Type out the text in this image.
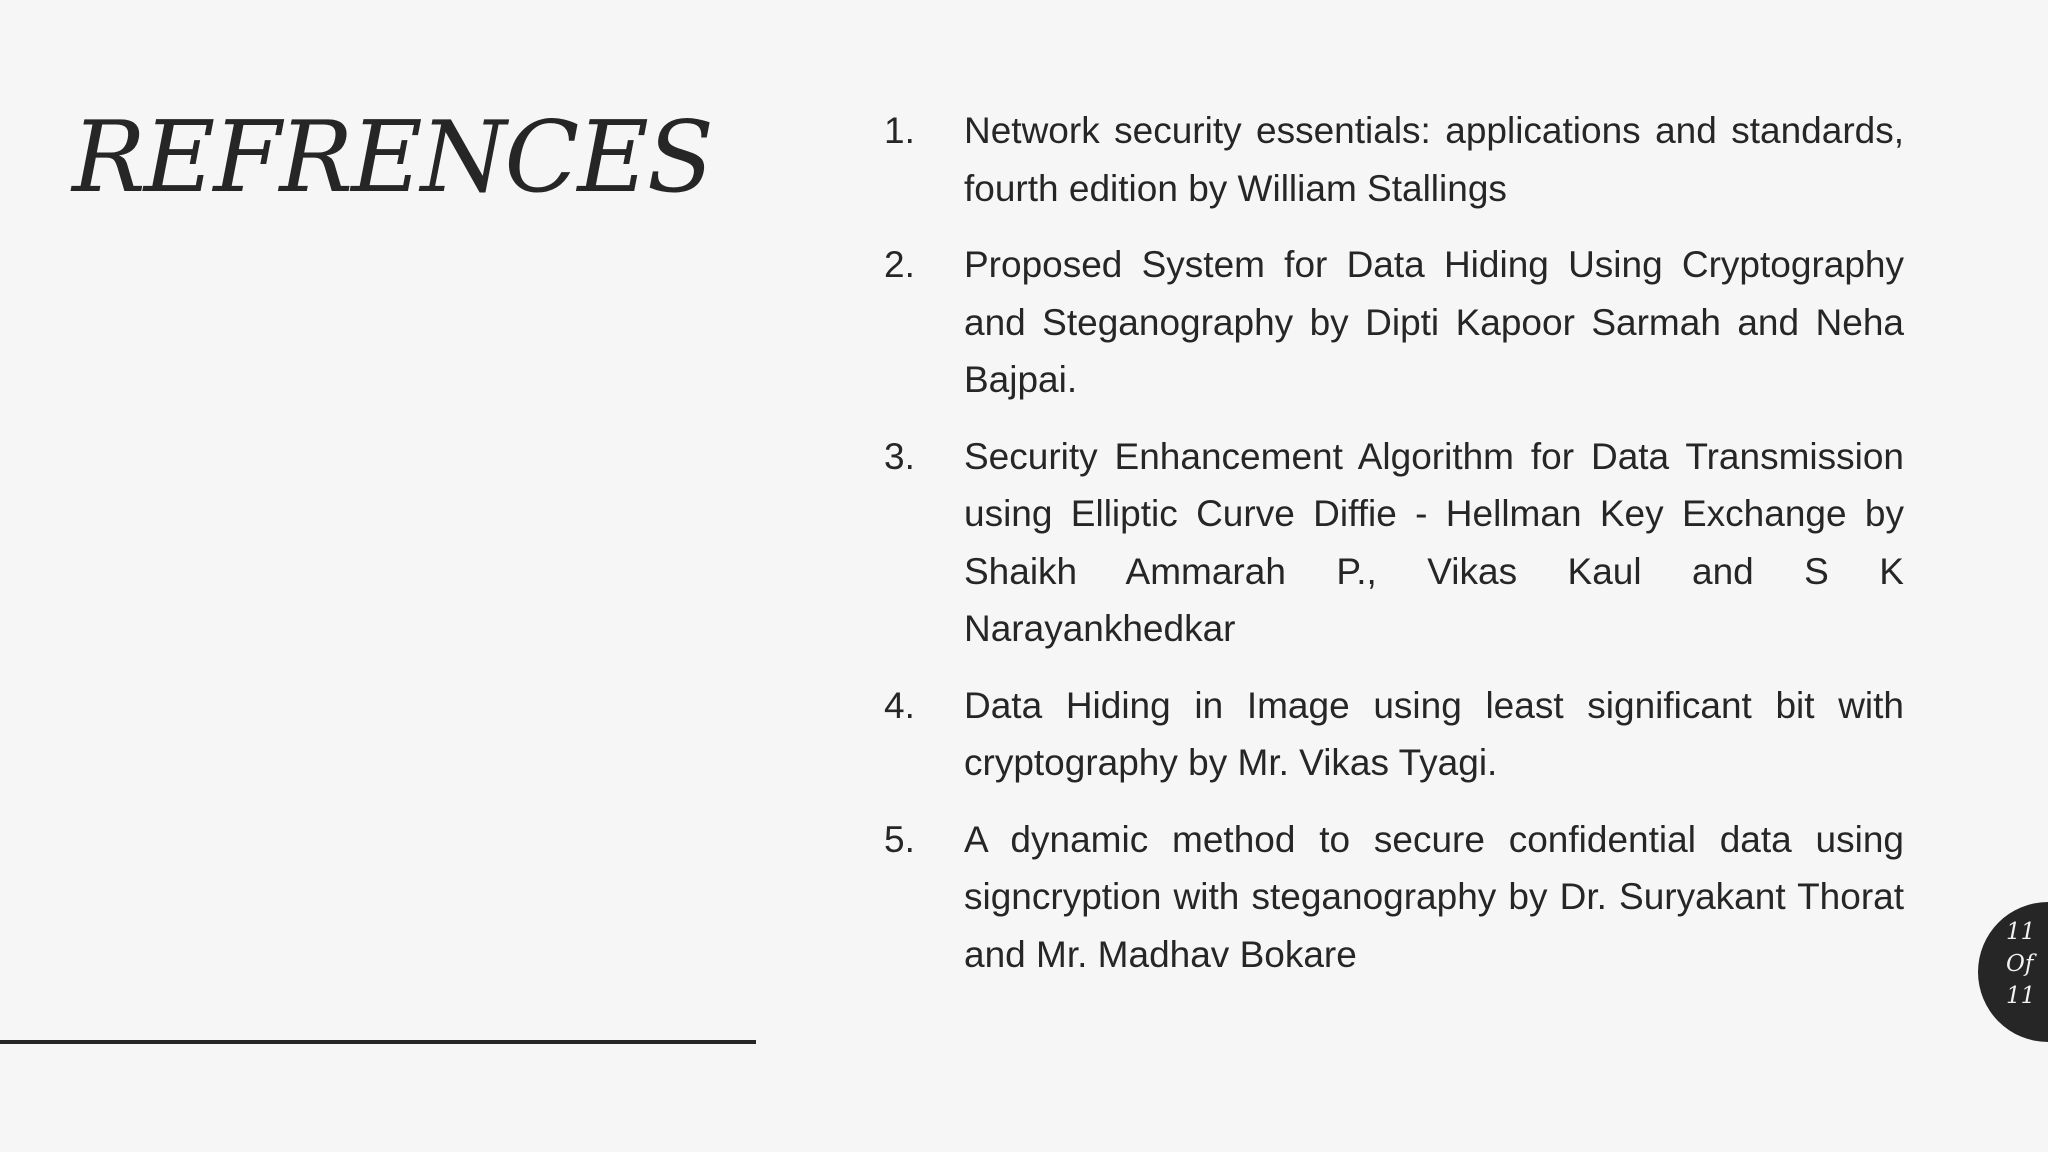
REFRENCES	1.	Network security essentials: applications and standards, fourth edition by William Stallings
2.	Proposed System for Data Hiding Using Cryptography and Steganography by Dipti Kapoor Sarmah and Neha Bajpai.
3.	Security Enhancement Algorithm for Data Transmission using Elliptic Curve Diffie - Hellman Key Exchange by Shaikh Ammarah P., Vikas Kaul and S K Narayankhedkar
4.	Data Hiding in Image using least significant bit with cryptography by Mr. Vikas Tyagi.
5.	A dynamic method to secure confidential data using signcryption with steganography by Dr. Suryakant Thorat and Mr. Madhav Bokare
11
Of
11
